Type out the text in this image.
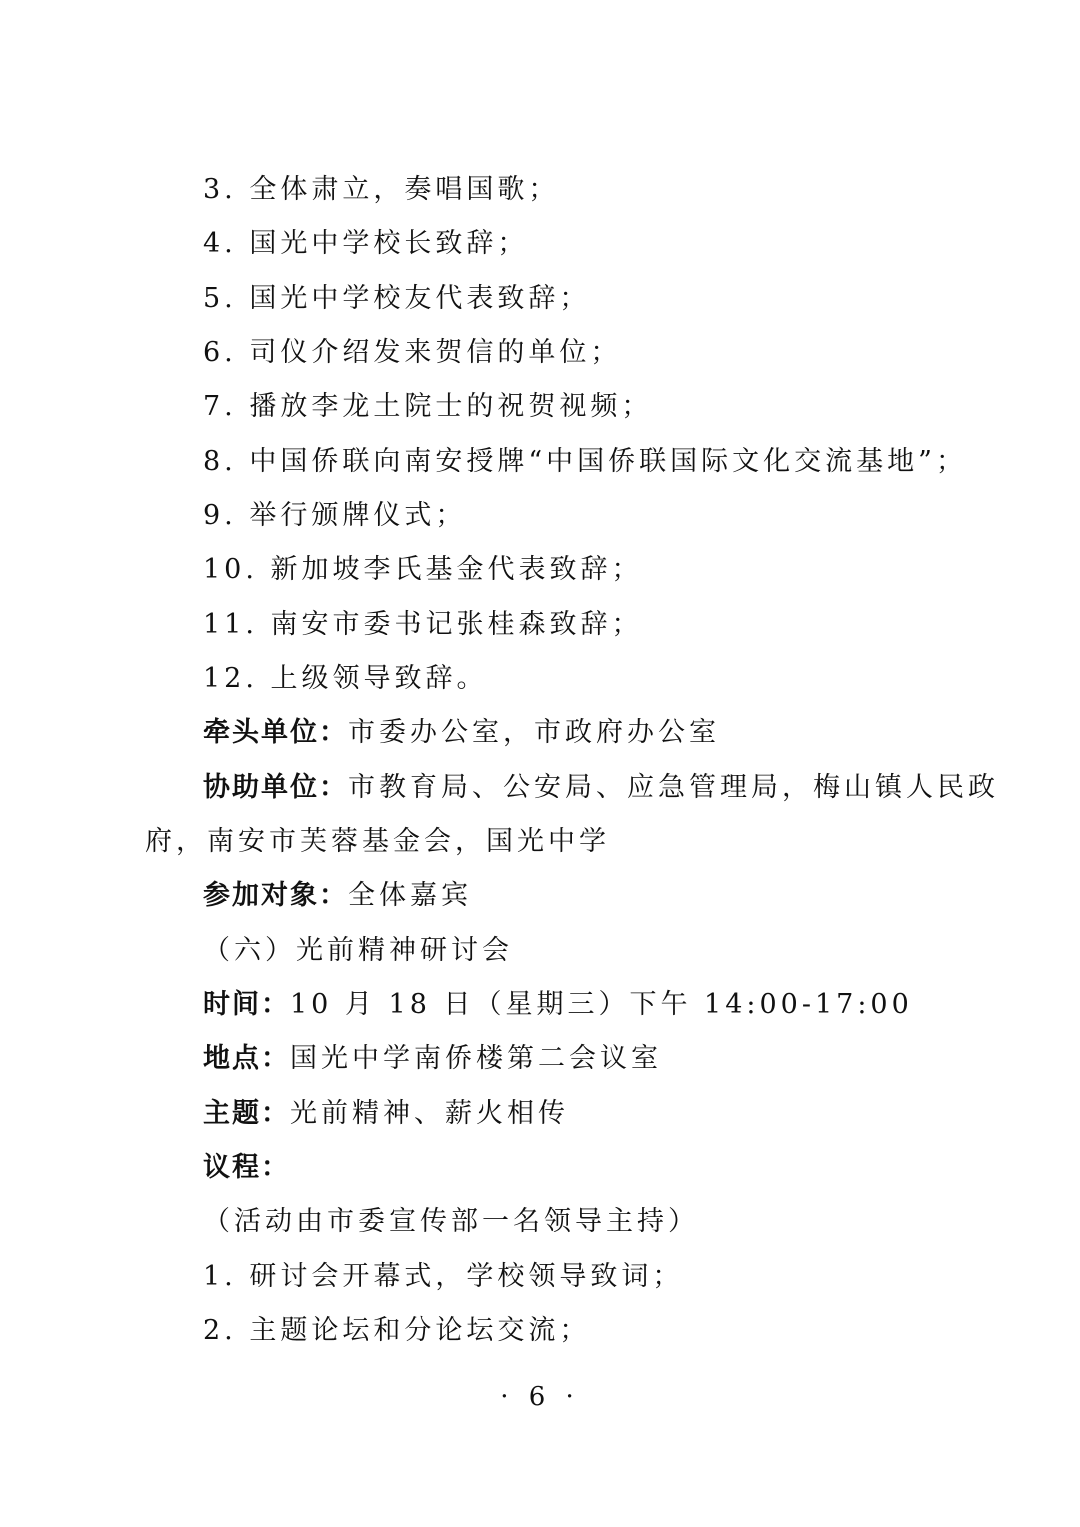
3. 全体肃立，奏唱国歌；
4. 国光中学校长致辞；
5. 国光中学校友代表致辞；
6. 司仪介绍发来贺信的单位；
7. 播放李龙土院士的祝贺视频；
8. 中国侨联向南安授牌“中国侨联国际文化交流基地”；
9. 举行颁牌仪式；
10. 新加坡李氏基金代表致辞；
11. 南安市委书记张桂森致辞；
12. 上级领导致辞。
牵头单位：市委办公室，市政府办公室
协助单位：市教育局、公安局、应急管理局，梅山镇人民政
府，南安市芙蓉基金会，国光中学
参加对象：全体嘉宾
（六）光前精神研讨会
时间：10 月 18 日（星期三）下午 14:00-17:00
地点：国光中学南侨楼第二会议室
主题：光前精神、薪火相传
议程：
（活动由市委宣传部一名领导主持）
1. 研讨会开幕式，学校领导致词；
2. 主题论坛和分论坛交流；
· 6 ·
